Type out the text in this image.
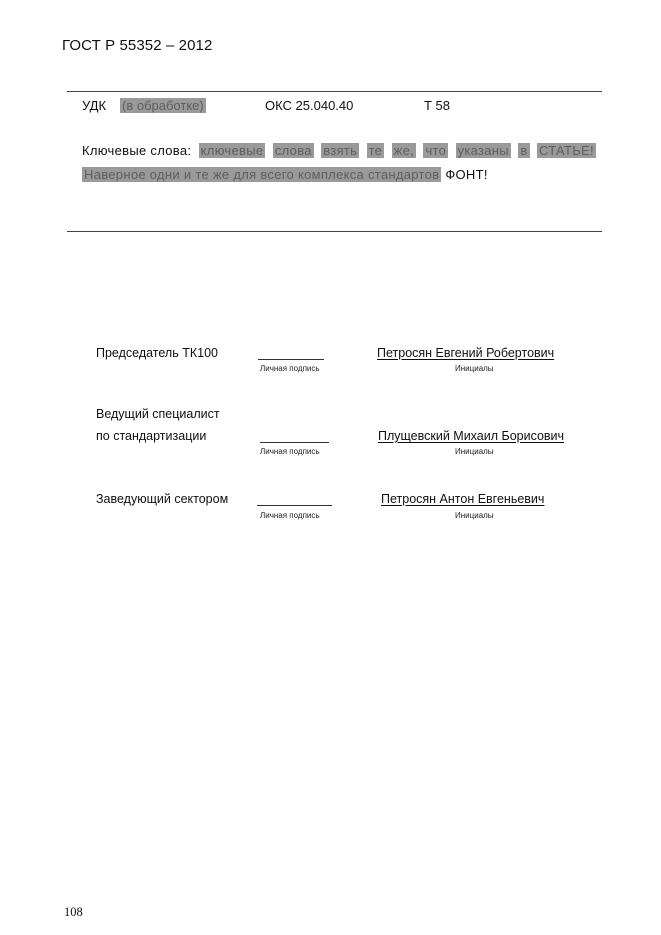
ГОСТ Р 55352 – 2012
УДК (в обработке)	ОКС 25.040.40	Т 58
Ключевые слова: ключевые слова взять те же, что указаны в СТАТЬЕ!
Наверное одни и те же для всего комплекса стандартов ФОНТ!
Председатель ТК100
Личная подпись
Петросян Евгений Робертович
Инициалы
Ведущий специалист
по стандартизации
Личная подпись
Плущевский Михаил Борисович
Инициалы
Заведующий сектором
Личная подпись
Петросян Антон Евгеньевич
Инициалы
108
